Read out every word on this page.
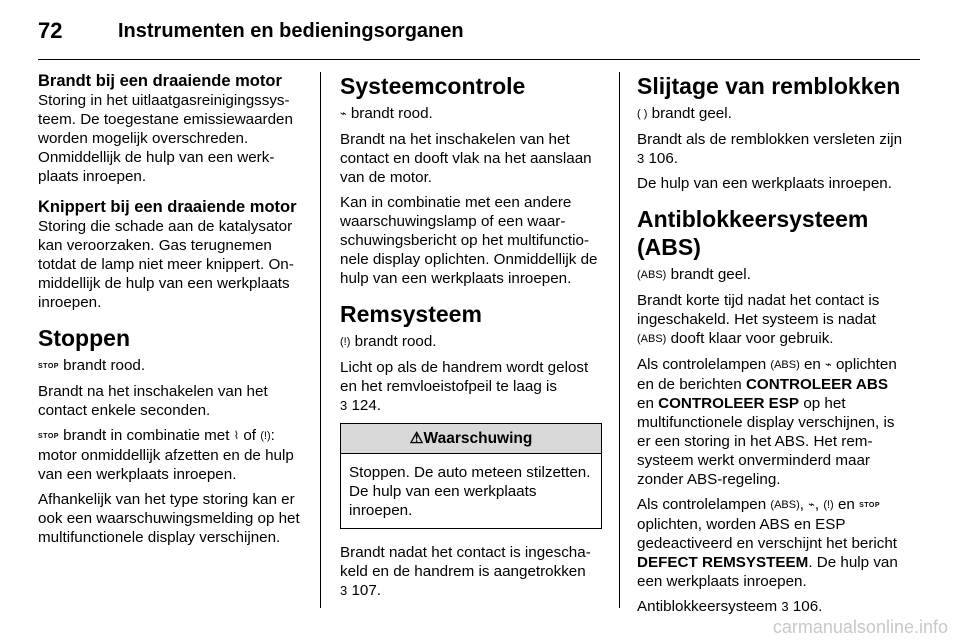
72	Instrumenten en bedieningsorganen
Brandt bij een draaiende motor

Storing in het uitlaatgasreinigingssysteem. De toegestane emissiewaarden worden mogelijk overschreden. Onmiddellijk de hulp van een werkplaats inroepen.

Knippert bij een draaiende motor

Storing die schade aan de katalysator kan veroorzaken. Gas terugnemen totdat de lamp niet meer knippert. Onmiddellijk de hulp van een werkplaats inroepen.

Stoppen

STOP brandt rood.

Brandt na het inschakelen van het contact enkele seconden.

STOP brandt in combinatie met ⌇ of (!): motor onmiddellijk afzetten en de hulp van een werkplaats inroepen.

Afhankelijk van het type storing kan er ook een waarschuwingsmelding op het multifunctionele display verschijnen.

Systeemcontrole

⌁ brandt rood.

Brandt na het inschakelen van het contact en dooft vlak na het aanslaan van de motor.

Kan in combinatie met een andere waarschuwingslamp of een waarschuwingsbericht op het multifunctionele display oplichten. Onmiddellijk de hulp van een werkplaats inroepen.

Remsysteem

(!) brandt rood.

Licht op als de handrem wordt gelost en het remvloeistofpeil te laag is
3 124.

⚠Waarschuwing
Stoppen. De auto meteen stilzetten. De hulp van een werkplaats inroepen.

Brandt nadat het contact is ingeschakeld en de handrem is aangetrokken
3 107.

Slijtage van remblokken

( ) brandt geel.

Brandt als de remblokken versleten zijn 3 106.

De hulp van een werkplaats inroepen.

Antiblokkeersysteem (ABS)

(ABS) brandt geel.

Brandt korte tijd nadat het contact is ingeschakeld. Het systeem is nadat (ABS) dooft klaar voor gebruik.

Als controlelampen (ABS) en ⌁ oplichten en de berichten CONTROLEER ABS en CONTROLEER ESP op het multifunctionele display verschijnen, is er een storing in het ABS. Het remsysteem werkt onverminderd maar zonder ABS-regeling.

Als controlelampen (ABS), ⌁, (!) en STOP oplichten, worden ABS en ESP gedeactiveerd en verschijnt het bericht DEFECT REMSYSTEEM. De hulp van een werkplaats inroepen.

Antiblokkeersysteem 3 106.

carmanualsonline.info
